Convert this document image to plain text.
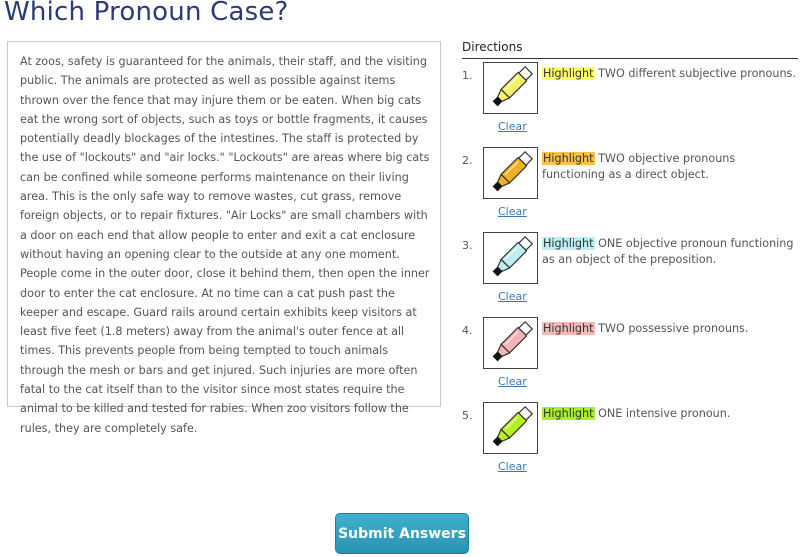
Which Pronoun Case?

At zoos, safety is guaranteed for the animals, their staff, and the visiting public. The animals are protected as well as possible against items thrown over the fence that may injure them or be eaten. When big cats eat the wrong sort of objects, such as toys or bottle fragments, it causes potentially deadly blockages of the intestines. The staff is protected by the use of "lockouts" and "air locks." "Lockouts" are areas where big cats can be confined while someone performs maintenance on their living area. This is the only safe way to remove wastes, cut grass, remove foreign objects, or to repair fixtures. "Air Locks" are small chambers with a door on each end that allow people to enter and exit a cat enclosure without having an opening clear to the outside at any one moment. People come in the outer door, close it behind them, then open the inner door to enter the cat enclosure. At no time can a cat push past the keeper and escape. Guard rails around certain exhibits keep visitors at least five feet (1.8 meters) away from the animal's outer fence at all times. This prevents people from being tempted to touch animals through the mesh or bars and get injured. Such injuries are more often fatal to the cat itself than to the visitor since most states require the animal to be killed and tested for rabies. When zoo visitors follow the rules, they are completely safe.

Directions
1.
Clear
Highlight TWO different subjective pronouns.
2.
Clear
Highlight TWO objective pronouns functioning as a direct object.
3.
Clear
Highlight ONE objective pronoun functioning as an object of the preposition.
4.
Clear
Highlight TWO possessive pronouns.
5.
Clear
Highlight ONE intensive pronoun.
Submit Answers
